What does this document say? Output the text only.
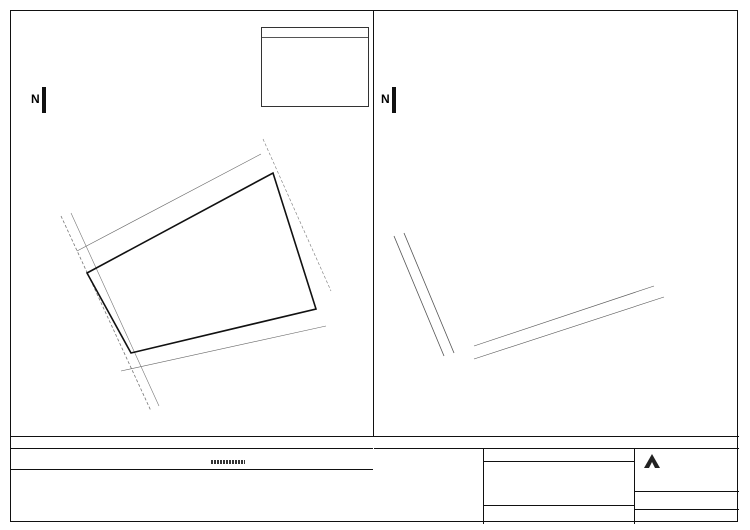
N	N
